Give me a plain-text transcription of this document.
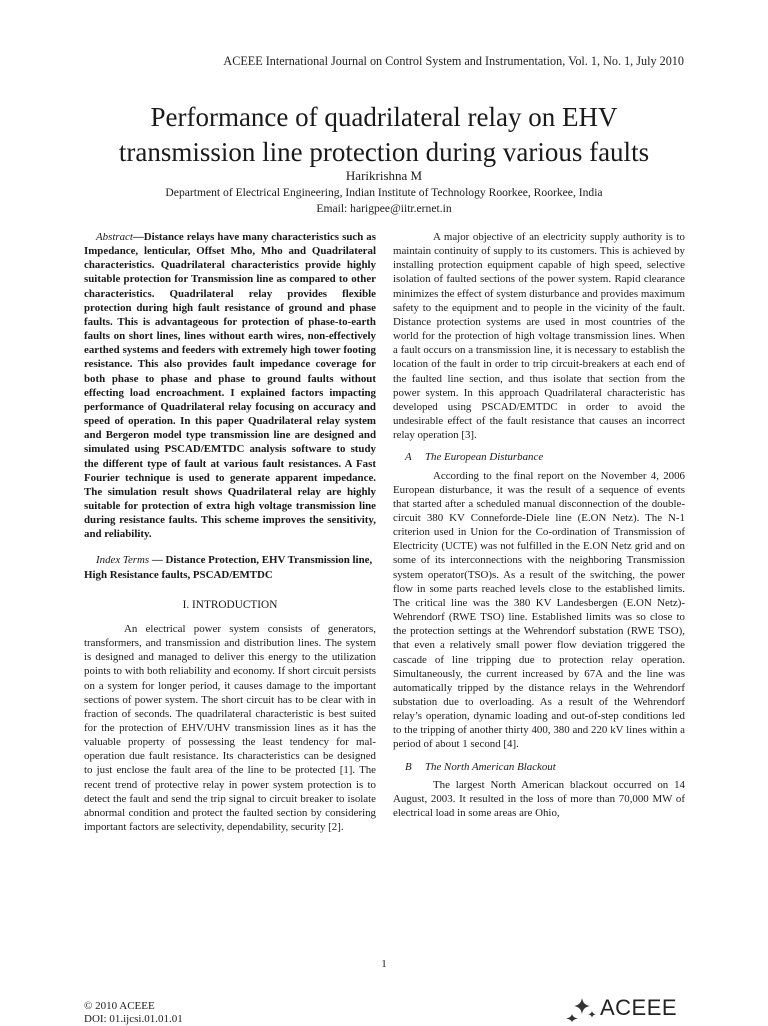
ACEEE International Journal on Control System and Instrumentation, Vol. 1, No. 1, July 2010
Performance of quadrilateral relay on EHV
transmission line protection during various faults
Harikrishna M
Department of Electrical Engineering, Indian Institute of Technology Roorkee, Roorkee, India
Email: harigpee@iitr.ernet.in

Abstract—Distance relays have many characteristics such as Impedance, lenticular, Offset Mho, Mho and Quadrilateral characteristics. Quadrilateral characteristics provide highly suitable protection for Transmission line as compared to other characteristics. Quadrilateral relay provides flexible protection during high fault resistance of ground and phase faults. This is advantageous for protection of phase-to-earth faults on short lines, lines without earth wires, non-effectively earthed systems and feeders with extremely high tower footing resistance. This also provides fault impedance coverage for both phase to phase and phase to ground faults without effecting load encroachment. I explained factors impacting performance of Quadrilateral relay focusing on accuracy and speed of operation. In this paper Quadrilateral relay system and Bergeron model type transmission line are designed and simulated using PSCAD/EMTDC analysis software to study the different type of fault at various fault resistances. A Fast Fourier technique is used to generate apparent impedance. The simulation result shows Quadrilateral relay are highly suitable for protection of extra high voltage transmission line during resistance faults. This scheme improves the sensitivity, and reliability.

Index Terms — Distance Protection, EHV Transmission line, High Resistance faults, PSCAD/EMTDC

I. INTRODUCTION

An electrical power system consists of generators, transformers, and transmission and distribution lines. The system is designed and managed to deliver this energy to the utilization points to with both reliability and economy. If short circuit persists on a system for longer period, it causes damage to the important sections of power system. The short circuit has to be clear with in fraction of seconds. The quadrilateral characteristic is best suited for the protection of EHV/UHV transmission lines as it has the valuable property of possessing the least tendency for mal-operation due fault resistance. Its characteristics can be designed to just enclose the fault area of the line to be protected [1]. The recent trend of protective relay in power system protection is to detect the fault and send the trip signal to circuit breaker to isolate abnormal condition and protect the faulted section by considering important factors are selectivity, dependability, security [2].

A major objective of an electricity supply authority is to maintain continuity of supply to its customers. This is achieved by installing protection equipment capable of high speed, selective isolation of faulted sections of the power system. Rapid clearance minimizes the effect of system disturbance and provides maximum safety to the equipment and to people in the vicinity of the fault. Distance protection systems are used in most countries of the world for the protection of high voltage transmission lines. When a fault occurs on a transmission line, it is necessary to establish the location of the fault in order to trip circuit-breakers at each end of the faulted line section, and thus isolate that section from the power system. In this approach Quadrilateral characteristic has developed using PSCAD/EMTDC in order to avoid the undesirable effect of the fault resistance that causes an incorrect relay operation [3].

A The European Disturbance

According to the final report on the November 4, 2006 European disturbance, it was the result of a sequence of events that started after a scheduled manual disconnection of the double-circuit 380 KV Conneforde-Diele line (E.ON Netz). The N-1 criterion used in Union for the Co-ordination of Transmission of Electricity (UCTE) was not fulfilled in the E.ON Netz grid and on some of its interconnections with the neighboring Transmission system operator(TSO)s. As a result of the switching, the power flow in some parts reached levels close to the established limits. The critical line was the 380 KV Landesbergen (E.ON Netz)-Wehrendorf (RWE TSO) line. Established limits was so close to the protection settings at the Wehrendorf substation (RWE TSO), that even a relatively small power flow deviation triggered the cascade of line tripping due to protection relay operation. Simultaneously, the current increased by 67A and the line was automatically tripped by the distance relays in the Wehrendorf substation due to overloading. As a result of the Wehrendorf relay’s operation, dynamic loading and out-of-step conditions led to the tripping of another thirty 400, 380 and 220 kV lines within a period of about 1 second [4].

B The North American Blackout

The largest North American blackout occurred on 14 August, 2003. It resulted in the loss of more than 70,000 MW of electrical load in some areas are Ohio,

1
© 2010 ACEEE
DOI: 01.ijcsi.01.01.01	ACEEE
